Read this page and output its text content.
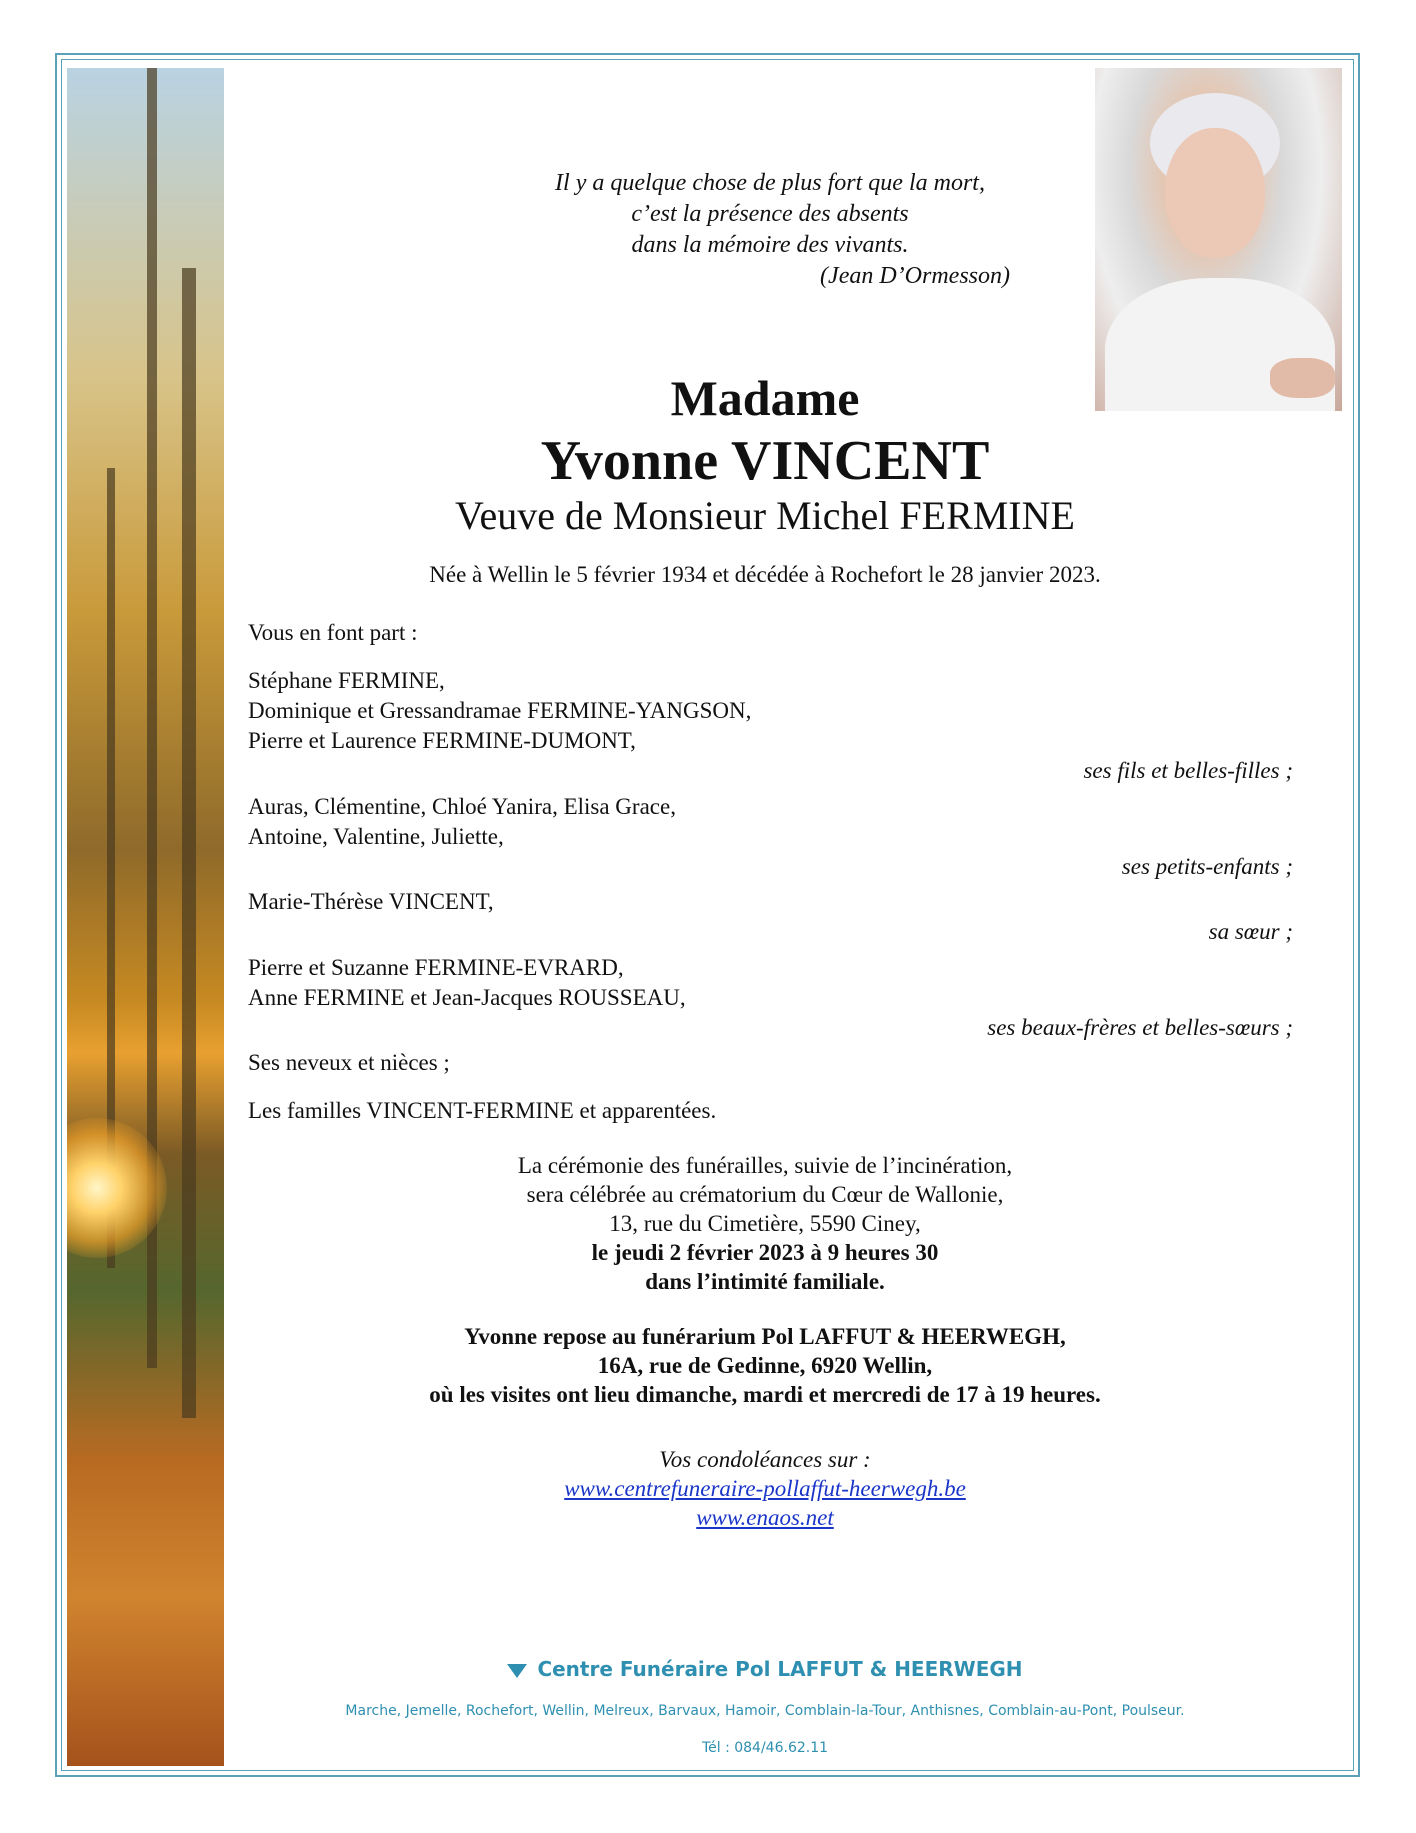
Il y a quelque chose de plus fort que la mort,
c’est la présence des absents
dans la mémoire des vivants.
(Jean D’Ormesson)
Madame
Yvonne VINCENT
Veuve de Monsieur Michel FERMINE
Née à Wellin le 5 février 1934 et décédée à Rochefort le 28 janvier 2023.
Vous en font part :

Stéphane FERMINE,

Dominique et Gressandramae FERMINE-YANGSON,

Pierre et Laurence FERMINE-DUMONT,

ses fils et belles-filles ;

Auras, Clémentine, Chloé Yanira, Elisa Grace,

Antoine, Valentine, Juliette,

ses petits-enfants ;

Marie-Thérèse VINCENT,

sa sœur ;

Pierre et Suzanne FERMINE-EVRARD,

Anne FERMINE et Jean-Jacques ROUSSEAU,

ses beaux-frères et belles-sœurs ;
Ses neveux et nièces ;
Les familles VINCENT-FERMINE et apparentées.
La cérémonie des funérailles, suivie de l’incinération,
sera célébrée au crématorium du Cœur de Wallonie,
13, rue du Cimetière, 5590 Ciney,
le jeudi 2 février 2023 à 9 heures 30
dans l’intimité familiale.
Yvonne repose au funérarium Pol LAFFUT & HEERWEGH,
16A, rue de Gedinne, 6920 Wellin,
où les visites ont lieu dimanche, mardi et mercredi de 17 à 19 heures.
Vos condoléances sur :
www.centrefuneraire-pollaffut-heerwegh.be
www.enaos.net
Centre Funéraire Pol LAFFUT & HEERWEGH
Marche, Jemelle, Rochefort, Wellin, Melreux, Barvaux, Hamoir, Comblain-la-Tour, Anthisnes, Comblain-au-Pont, Poulseur.
Tél : 084/46.62.11
